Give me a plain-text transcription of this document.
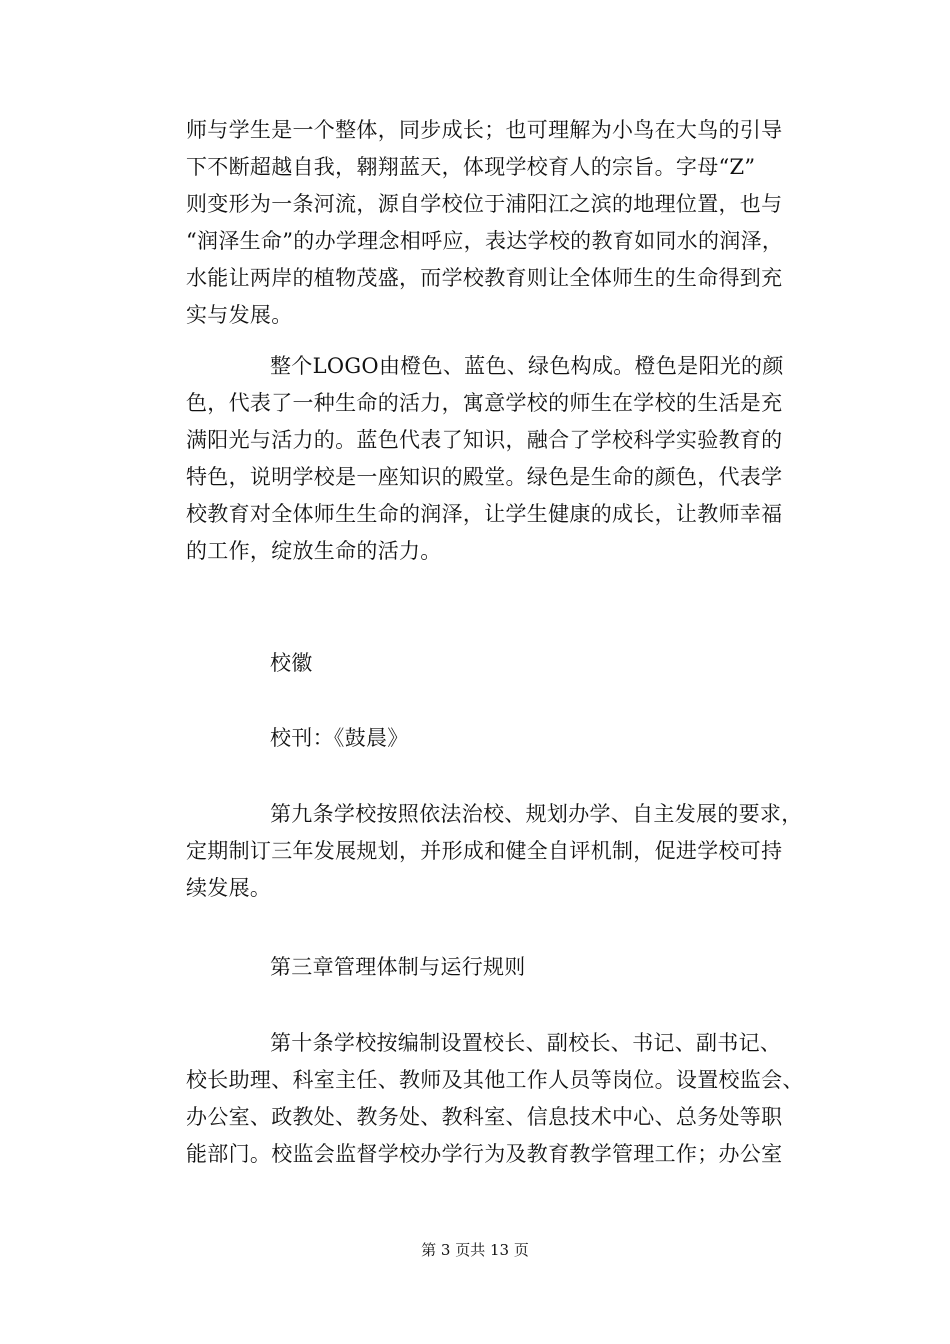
师与学生是一个整体，同步成长；也可理解为小鸟在大鸟的引导
下不断超越自我，翱翔蓝天，体现学校育人的宗旨。字母“Z”
则变形为一条河流，源自学校位于浦阳江之滨的地理位置，也与
“润泽生命”的办学理念相呼应，表达学校的教育如同水的润泽，
水能让两岸的植物茂盛，而学校教育则让全体师生的生命得到充
实与发展。
整个LOGO由橙色、蓝色、绿色构成。橙色是阳光的颜
色，代表了一种生命的活力，寓意学校的师生在学校的生活是充
满阳光与活力的。蓝色代表了知识，融合了学校科学实验教育的
特色，说明学校是一座知识的殿堂。绿色是生命的颜色，代表学
校教育对全体师生生命的润泽，让学生健康的成长，让教师幸福
的工作，绽放生命的活力。
校徽
校刊：《鼓晨》
第九条学校按照依法治校、规划办学、自主发展的要求，
定期制订三年发展规划，并形成和健全自评机制，促进学校可持
续发展。
第三章管理体制与运行规则
第十条学校按编制设置校长、副校长、书记、副书记、
校长助理、科室主任、教师及其他工作人员等岗位。设置校监会、
办公室、政教处、教务处、教科室、信息技术中心、总务处等职
能部门。校监会监督学校办学行为及教育教学管理工作；办公室
第 3 页共 13 页
